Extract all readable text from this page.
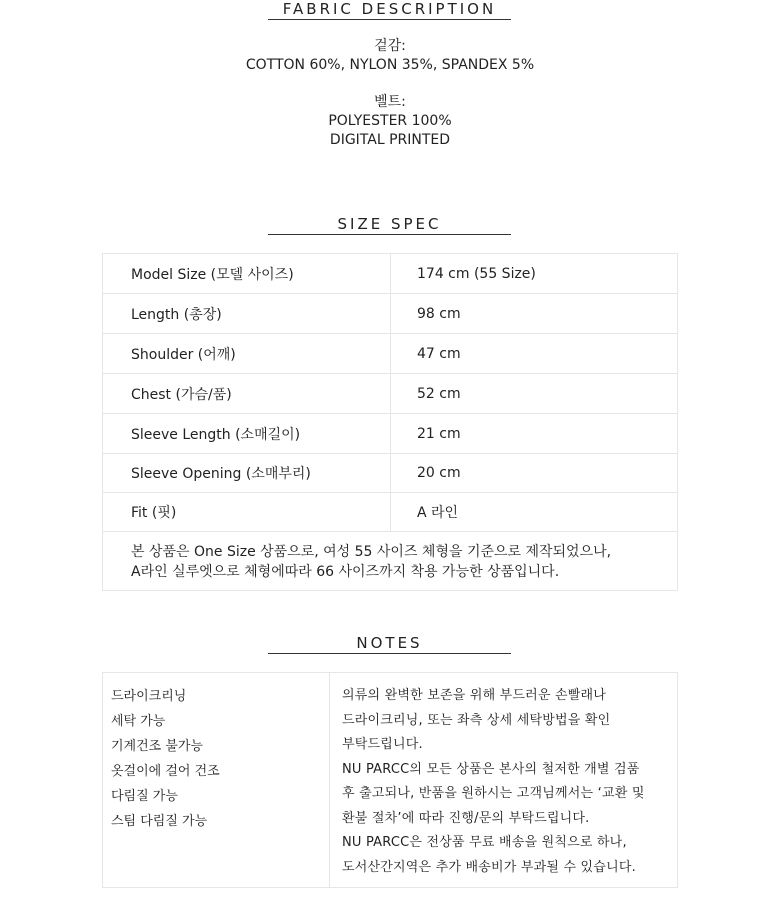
FABRIC DESCRIPTION
겉감:
COTTON 60%, NYLON 35%, SPANDEX 5%
벨트:
POLYESTER 100%
DIGITAL PRINTED
SIZE SPEC
Model Size (모델 사이즈)	174 cm (55 Size)
Length (총장)	98 cm
Shoulder (어깨)	47 cm
Chest (가슴/품)	52 cm
Sleeve Length (소매길이)	21 cm
Sleeve Opening (소매부리)	20 cm
Fit (핏)	A 라인

본 상품은 One Size 상품으로, 여성 55 사이즈 체형을 기준으로 제작되었으나,
A라인 실루엣으로 체형에따라 66 사이즈까지 착용 가능한 상품입니다.	
NOTES
드라이크리닝
세탁 가능
기계건조 불가능
옷걸이에 걸어 건조
다림질 가능
스팀 다림질 가능

의류의 완벽한 보존을 위해 부드러운 손빨래나
드라이크리닝, 또는 좌측 상세 세탁방법을 확인
부탁드립니다.
NU PARCC의 모든 상품은 본사의 철저한 개별 검품
후 출고되나, 반품을 원하시는 고객님께서는 ‘교환 및
환불 절차’에 따라 진행/문의 부탁드립니다.
NU PARCC은 전상품 무료 배송을 원칙으로 하나,
도서산간지역은 추가 배송비가 부과될 수 있습니다.
